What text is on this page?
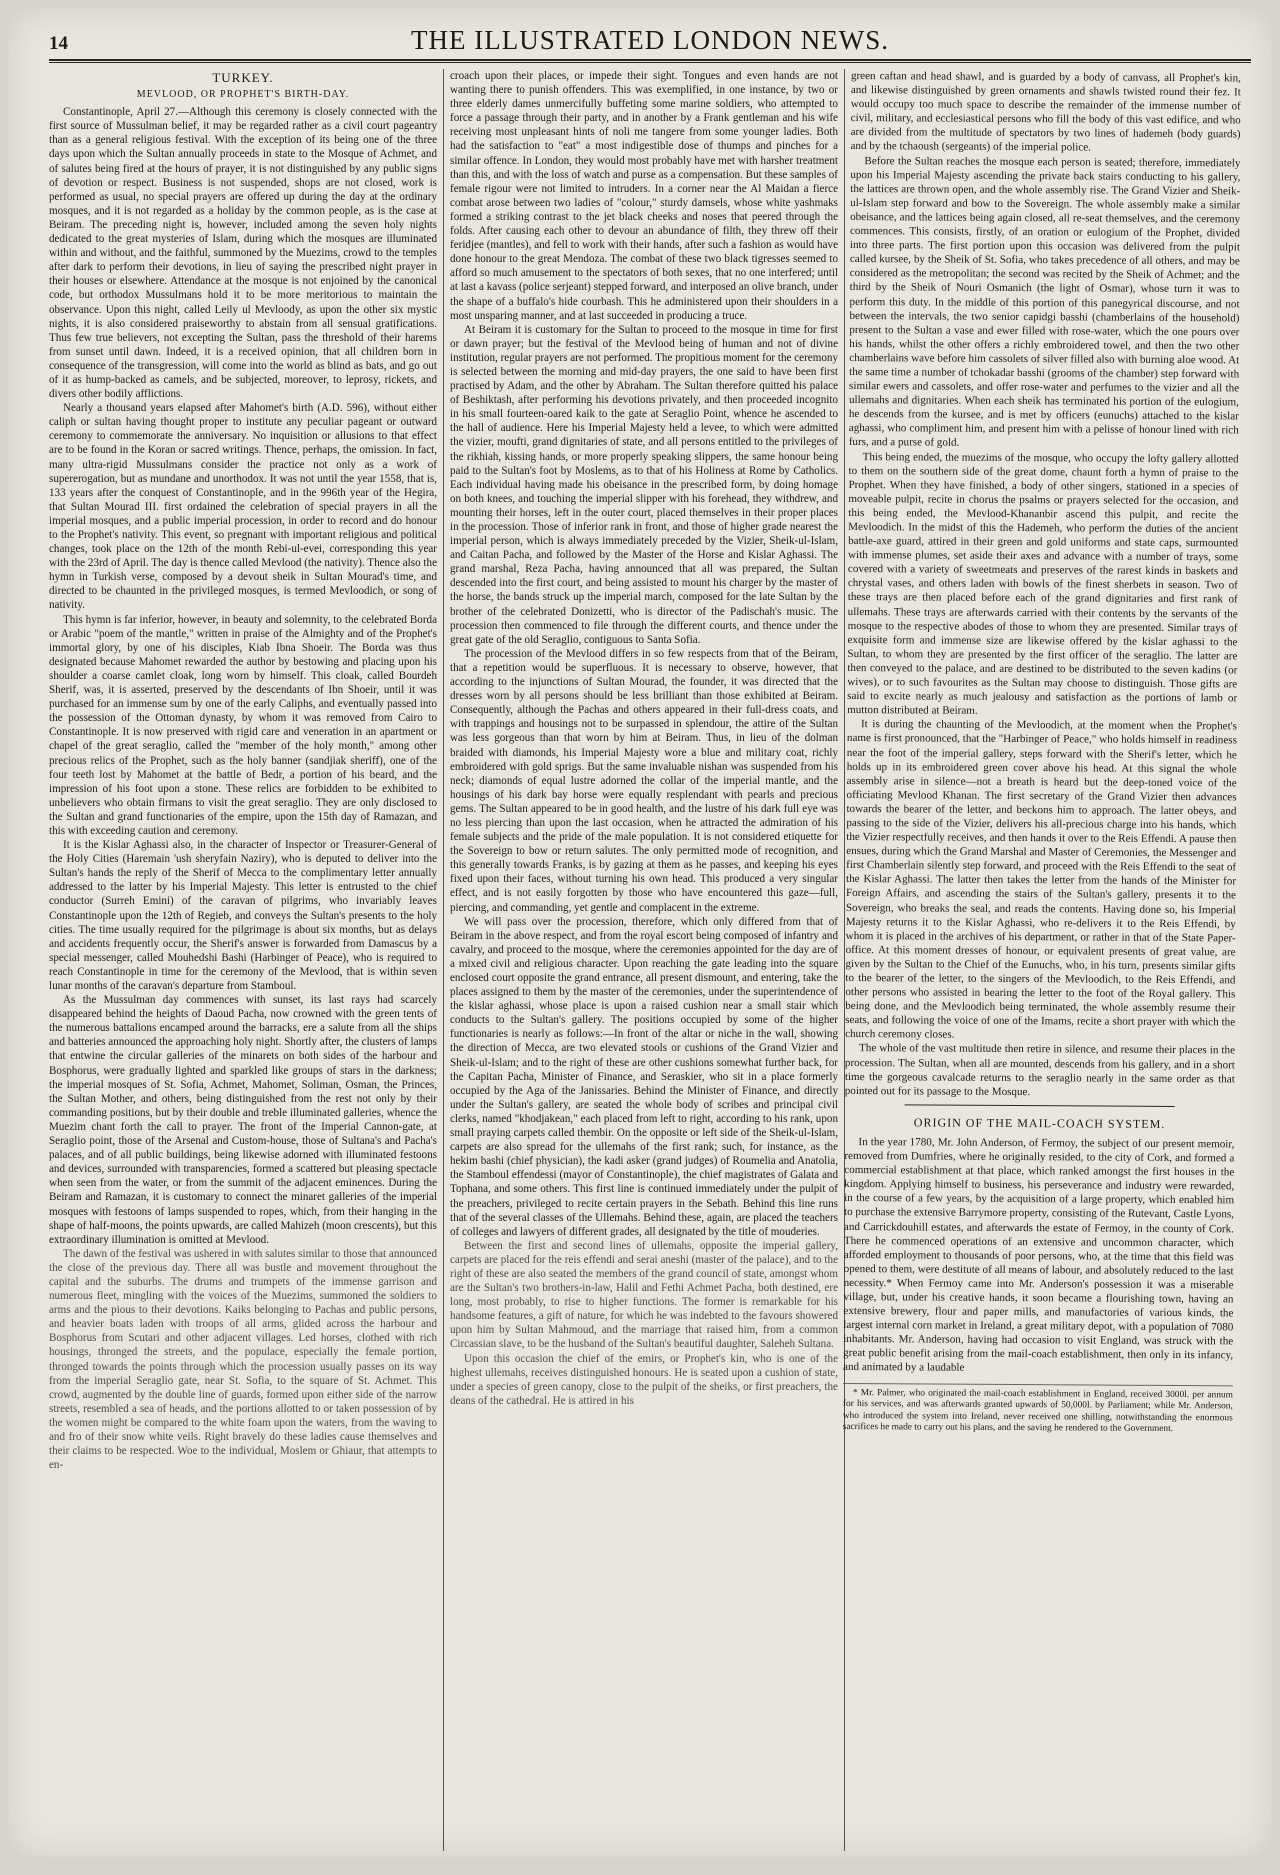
14	THE ILLUSTRATED LONDON NEWS.
TURKEY.
MEVLOOD, OR PROPHET'S BIRTH-DAY.

Constantinople, April 27.—Although this ceremony is closely connected with the first source of Mussulman belief, it may be regarded rather as a civil court pageantry than as a general religious festival. With the exception of its being one of the three days upon which the Sultan annually proceeds in state to the Mosque of Achmet, and of salutes being fired at the hours of prayer, it is not distinguished by any public signs of devotion or respect. Business is not suspended, shops are not closed, work is performed as usual, no special prayers are offered up during the day at the ordinary mosques, and it is not regarded as a holiday by the common people, as is the case at Beiram. The preceding night is, however, included among the seven holy nights dedicated to the great mysteries of Islam, during which the mosques are illuminated within and without, and the faithful, summoned by the Muezims, crowd to the temples after dark to perform their devotions, in lieu of saying the prescribed night prayer in their houses or elsewhere. Attendance at the mosque is not enjoined by the canonical code, but orthodox Mussulmans hold it to be more meritorious to maintain the observance. Upon this night, called Leily ul Mevloody, as upon the other six mystic nights, it is also considered praiseworthy to abstain from all sensual gratifications. Thus few true believers, not excepting the Sultan, pass the threshold of their harems from sunset until dawn. Indeed, it is a received opinion, that all children born in consequence of the transgression, will come into the world as blind as bats, and go out of it as hump-backed as camels, and be subjected, moreover, to leprosy, rickets, and divers other bodily afflictions.

Nearly a thousand years elapsed after Mahomet's birth (A.D. 596), without either caliph or sultan having thought proper to institute any peculiar pageant or outward ceremony to commemorate the anniversary. No inquisition or allusions to that effect are to be found in the Koran or sacred writings. Thence, perhaps, the omission. In fact, many ultra-rigid Mussulmans consider the practice not only as a work of supererogation, but as mundane and unorthodox. It was not until the year 1558, that is, 133 years after the conquest of Constantinople, and in the 996th year of the Hegira, that Sultan Mourad III. first ordained the celebration of special prayers in all the imperial mosques, and a public imperial procession, in order to record and do honour to the Prophet's nativity. This event, so pregnant with important religious and political changes, took place on the 12th of the month Rebi-ul-evei, corresponding this year with the 23rd of April. The day is thence called Mevlood (the nativity). Thence also the hymn in Turkish verse, composed by a devout sheik in Sultan Mourad's time, and directed to be chaunted in the privileged mosques, is termed Mevloodich, or song of nativity.

This hymn is far inferior, however, in beauty and solemnity, to the celebrated Borda or Arabic "poem of the mantle," written in praise of the Almighty and of the Prophet's immortal glory, by one of his disciples, Kiab Ibna Shoeir. The Borda was thus designated because Mahomet rewarded the author by bestowing and placing upon his shoulder a coarse camlet cloak, long worn by himself. This cloak, called Bourdeh Sherif, was, it is asserted, preserved by the descendants of Ibn Shoeir, until it was purchased for an immense sum by one of the early Caliphs, and eventually passed into the possession of the Ottoman dynasty, by whom it was removed from Cairo to Constantinople. It is now preserved with rigid care and veneration in an apartment or chapel of the great seraglio, called the "member of the holy month," among other precious relics of the Prophet, such as the holy banner (sandjiak sheriff), one of the four teeth lost by Mahomet at the battle of Bedr, a portion of his beard, and the impression of his foot upon a stone. These relics are forbidden to be exhibited to unbelievers who obtain firmans to visit the great seraglio. They are only disclosed to the Sultan and grand functionaries of the empire, upon the 15th day of Ramazan, and this with exceeding caution and ceremony.

It is the Kislar Aghassi also, in the character of Inspector or Treasurer-General of the Holy Cities (Haremain 'ush sheryfain Naziry), who is deputed to deliver into the Sultan's hands the reply of the Sherif of Mecca to the complimentary letter annually addressed to the latter by his Imperial Majesty. This letter is entrusted to the chief conductor (Surreh Emini) of the caravan of pilgrims, who invariably leaves Constantinople upon the 12th of Regieb, and conveys the Sultan's presents to the holy cities. The time usually required for the pilgrimage is about six months, but as delays and accidents frequently occur, the Sherif's answer is forwarded from Damascus by a special messenger, called Mouhedshi Bashi (Harbinger of Peace), who is required to reach Constantinople in time for the ceremony of the Mevlood, that is within seven lunar months of the caravan's departure from Stamboul.

As the Mussulman day commences with sunset, its last rays had scarcely disappeared behind the heights of Daoud Pacha, now crowned with the green tents of the numerous battalions encamped around the barracks, ere a salute from all the ships and batteries announced the approaching holy night. Shortly after, the clusters of lamps that entwine the circular galleries of the minarets on both sides of the harbour and Bosphorus, were gradually lighted and sparkled like groups of stars in the darkness; the imperial mosques of St. Sofia, Achmet, Mahomet, Soliman, Osman, the Princes, the Sultan Mother, and others, being distinguished from the rest not only by their commanding positions, but by their double and treble illuminated galleries, whence the Muezim chant forth the call to prayer. The front of the Imperial Cannon-gate, at Seraglio point, those of the Arsenal and Custom-house, those of Sultana's and Pacha's palaces, and of all public buildings, being likewise adorned with illuminated festoons and devices, surrounded with transparencies, formed a scattered but pleasing spectacle when seen from the water, or from the summit of the adjacent eminences. During the Beiram and Ramazan, it is customary to connect the minaret galleries of the imperial mosques with festoons of lamps suspended to ropes, which, from their hanging in the shape of half-moons, the points upwards, are called Mahizeh (moon crescents), but this extraordinary illumination is omitted at Mevlood.

The dawn of the festival was ushered in with salutes similar to those that announced the close of the previous day. There all was bustle and movement throughout the capital and the suburbs. The drums and trumpets of the immense garrison and numerous fleet, mingling with the voices of the Muezims, summoned the soldiers to arms and the pious to their devotions. Kaiks belonging to Pachas and public persons, and heavier boats laden with troops of all arms, glided across the harbour and Bosphorus from Scutari and other adjacent villages. Led horses, clothed with rich housings, thronged the streets, and the populace, especially the female portion, thronged towards the points through which the procession usually passes on its way from the imperial Seraglio gate, near St. Sofia, to the square of St. Achmet. This crowd, augmented by the double line of guards, formed upon either side of the narrow streets, resembled a sea of heads, and the portions allotted to or taken possession of by the women might be compared to the white foam upon the waters, from the waving to and fro of their snow white veils. Right bravely do these ladies cause themselves and their claims to be respected. Woe to the individual, Moslem or Ghiaur, that attempts to en-

croach upon their places, or impede their sight. Tongues and even hands are not wanting there to punish offenders. This was exemplified, in one instance, by two or three elderly dames unmercifully buffeting some marine soldiers, who attempted to force a passage through their party, and in another by a Frank gentleman and his wife receiving most unpleasant hints of noli me tangere from some younger ladies. Both had the satisfaction to "eat" a most indigestible dose of thumps and pinches for a similar offence. In London, they would most probably have met with harsher treatment than this, and with the loss of watch and purse as a compensation. But these samples of female rigour were not limited to intruders. In a corner near the Al Maidan a fierce combat arose between two ladies of "colour," sturdy damsels, whose white yashmaks formed a striking contrast to the jet black cheeks and noses that peered through the folds. After causing each other to devour an abundance of filth, they threw off their feridjee (mantles), and fell to work with their hands, after such a fashion as would have done honour to the great Mendoza. The combat of these two black tigresses seemed to afford so much amusement to the spectators of both sexes, that no one interfered; until at last a kavass (police serjeant) stepped forward, and interposed an olive branch, under the shape of a buffalo's hide courbash. This he administered upon their shoulders in a most unsparing manner, and at last succeeded in producing a truce.

At Beiram it is customary for the Sultan to proceed to the mosque in time for first or dawn prayer; but the festival of the Mevlood being of human and not of divine institution, regular prayers are not performed. The propitious moment for the ceremony is selected between the morning and mid-day prayers, the one said to have been first practised by Adam, and the other by Abraham. The Sultan therefore quitted his palace of Beshiktash, after performing his devotions privately, and then proceeded incognito in his small fourteen-oared kaik to the gate at Seraglio Point, whence he ascended to the hall of audience. Here his Imperial Majesty held a levee, to which were admitted the vizier, moufti, grand dignitaries of state, and all persons entitled to the privileges of the rikhiah, kissing hands, or more properly speaking slippers, the same honour being paid to the Sultan's foot by Moslems, as to that of his Holiness at Rome by Catholics. Each individual having made his obeisance in the prescribed form, by doing homage on both knees, and touching the imperial slipper with his forehead, they withdrew, and mounting their horses, left in the outer court, placed themselves in their proper places in the procession. Those of inferior rank in front, and those of higher grade nearest the imperial person, which is always immediately preceded by the Vizier, Sheik-ul-Islam, and Caitan Pacha, and followed by the Master of the Horse and Kislar Aghassi. The grand marshal, Reza Pacha, having announced that all was prepared, the Sultan descended into the first court, and being assisted to mount his charger by the master of the horse, the bands struck up the imperial march, composed for the late Sultan by the brother of the celebrated Donizetti, who is director of the Padischah's music. The procession then commenced to file through the different courts, and thence under the great gate of the old Seraglio, contiguous to Santa Sofia.

The procession of the Mevlood differs in so few respects from that of the Beiram, that a repetition would be superfluous. It is necessary to observe, however, that according to the injunctions of Sultan Mourad, the founder, it was directed that the dresses worn by all persons should be less brilliant than those exhibited at Beiram. Consequently, although the Pachas and others appeared in their full-dress coats, and with trappings and housings not to be surpassed in splendour, the attire of the Sultan was less gorgeous than that worn by him at Beiram. Thus, in lieu of the dolman braided with diamonds, his Imperial Majesty wore a blue and military coat, richly embroidered with gold sprigs. But the same invaluable nishan was suspended from his neck; diamonds of equal lustre adorned the collar of the imperial mantle, and the housings of his dark bay horse were equally resplendant with pearls and precious gems. The Sultan appeared to be in good health, and the lustre of his dark full eye was no less piercing than upon the last occasion, when he attracted the admiration of his female subjects and the pride of the male population. It is not considered etiquette for the Sovereign to bow or return salutes. The only permitted mode of recognition, and this generally towards Franks, is by gazing at them as he passes, and keeping his eyes fixed upon their faces, without turning his own head. This produced a very singular effect, and is not easily forgotten by those who have encountered this gaze—full, piercing, and commanding, yet gentle and complacent in the extreme.

We will pass over the procession, therefore, which only differed from that of Beiram in the above respect, and from the royal escort being composed of infantry and cavalry, and proceed to the mosque, where the ceremonies appointed for the day are of a mixed civil and religious character. Upon reaching the gate leading into the square enclosed court opposite the grand entrance, all present dismount, and entering, take the places assigned to them by the master of the ceremonies, under the superintendence of the kislar aghassi, whose place is upon a raised cushion near a small stair which conducts to the Sultan's gallery. The positions occupied by some of the higher functionaries is nearly as follows:—In front of the altar or niche in the wall, showing the direction of Mecca, are two elevated stools or cushions of the Grand Vizier and Sheik-ul-Islam; and to the right of these are other cushions somewhat further back, for the Capitan Pacha, Minister of Finance, and Seraskier, who sit in a place formerly occupied by the Aga of the Janissaries. Behind the Minister of Finance, and directly under the Sultan's gallery, are seated the whole body of scribes and principal civil clerks, named "khodjakean," each placed from left to right, according to his rank, upon small praying carpets called thembir. On the opposite or left side of the Sheik-ul-Islam, carpets are also spread for the ullemahs of the first rank; such, for instance, as the hekim bashi (chief physician), the kadi asker (grand judges) of Roumelia and Anatolia, the Stamboul effendessi (mayor of Constantinople), the chief magistrates of Galata and Tophana, and some others. This first line is continued immediately under the pulpit of the preachers, privileged to recite certain prayers in the Sebath. Behind this line runs that of the several classes of the Ullemahs. Behind these, again, are placed the teachers of colleges and lawyers of different grades, all designated by the title of mouderies.

Between the first and second lines of ullemahs, opposite the imperial gallery, carpets are placed for the reis effendi and serai aneshi (master of the palace), and to the right of these are also seated the members of the grand council of state, amongst whom are the Sultan's two brothers-in-law, Halil and Fethi Achmet Pacha, both destined, ere long, most probably, to rise to higher functions. The former is remarkable for his handsome features, a gift of nature, for which he was indebted to the favours showered upon him by Sultan Mahmoud, and the marriage that raised him, from a common Circassian slave, to be the husband of the Sultan's beautiful daughter, Saleheh Sultana.

Upon this occasion the chief of the emirs, or Prophet's kin, who is one of the highest ullemahs, receives distinguished honours. He is seated upon a cushion of state, under a species of green canopy, close to the pulpit of the sheiks, or first preachers, the deans of the cathedral. He is attired in his

green caftan and head shawl, and is guarded by a body of canvass, all Prophet's kin, and likewise distinguished by green ornaments and shawls twisted round their fez. It would occupy too much space to describe the remainder of the immense number of civil, military, and ecclesiastical persons who fill the body of this vast edifice, and who are divided from the multitude of spectators by two lines of hademeh (body guards) and by the tchaoush (sergeants) of the imperial police.

Before the Sultan reaches the mosque each person is seated; therefore, immediately upon his Imperial Majesty ascending the private back stairs conducting to his gallery, the lattices are thrown open, and the whole assembly rise. The Grand Vizier and Sheik-ul-Islam step forward and bow to the Sovereign. The whole assembly make a similar obeisance, and the lattices being again closed, all re-seat themselves, and the ceremony commences. This consists, firstly, of an oration or eulogium of the Prophet, divided into three parts. The first portion upon this occasion was delivered from the pulpit called kursee, by the Sheik of St. Sofia, who takes precedence of all others, and may be considered as the metropolitan; the second was recited by the Sheik of Achmet; and the third by the Sheik of Nouri Osmanich (the light of Osmar), whose turn it was to perform this duty. In the middle of this portion of this panegyrical discourse, and not between the intervals, the two senior capidgi basshi (chamberlains of the household) present to the Sultan a vase and ewer filled with rose-water, which the one pours over his hands, whilst the other offers a richly embroidered towel, and then the two other chamberlains wave before him cassolets of silver filled also with burning aloe wood. At the same time a number of tchokadar basshi (grooms of the chamber) step forward with similar ewers and cassolets, and offer rose-water and perfumes to the vizier and all the ullemahs and dignitaries. When each sheik has terminated his portion of the eulogium, he descends from the kursee, and is met by officers (eunuchs) attached to the kislar aghassi, who compliment him, and present him with a pelisse of honour lined with rich furs, and a purse of gold.

This being ended, the muezims of the mosque, who occupy the lofty gallery allotted to them on the southern side of the great dome, chaunt forth a hymn of praise to the Prophet. When they have finished, a body of other singers, stationed in a species of moveable pulpit, recite in chorus the psalms or prayers selected for the occasion, and this being ended, the Mevlood-Khananbir ascend this pulpit, and recite the Mevloodich. In the midst of this the Hademeh, who perform the duties of the ancient battle-axe guard, attired in their green and gold uniforms and state caps, surmounted with immense plumes, set aside their axes and advance with a number of trays, some covered with a variety of sweetmeats and preserves of the rarest kinds in baskets and chrystal vases, and others laden with bowls of the finest sherbets in season. Two of these trays are then placed before each of the grand dignitaries and first rank of ullemahs. These trays are afterwards carried with their contents by the servants of the mosque to the respective abodes of those to whom they are presented. Similar trays of exquisite form and immense size are likewise offered by the kislar aghassi to the Sultan, to whom they are presented by the first officer of the seraglio. The latter are then conveyed to the palace, and are destined to be distributed to the seven kadins (or wives), or to such favourites as the Sultan may choose to distinguish. Those gifts are said to excite nearly as much jealousy and satisfaction as the portions of lamb or mutton distributed at Beiram.

It is during the chaunting of the Mevloodich, at the moment when the Prophet's name is first pronounced, that the "Harbinger of Peace," who holds himself in readiness near the foot of the imperial gallery, steps forward with the Sherif's letter, which he holds up in its embroidered green cover above his head. At this signal the whole assembly arise in silence—not a breath is heard but the deep-toned voice of the officiating Mevlood Khanan. The first secretary of the Grand Vizier then advances towards the bearer of the letter, and beckons him to approach. The latter obeys, and passing to the side of the Vizier, delivers his all-precious charge into his hands, which the Vizier respectfully receives, and then hands it over to the Reis Effendi. A pause then ensues, during which the Grand Marshal and Master of Ceremonies, the Messenger and first Chamberlain silently step forward, and proceed with the Reis Effendi to the seat of the Kislar Aghassi. The latter then takes the letter from the hands of the Minister for Foreign Affairs, and ascending the stairs of the Sultan's gallery, presents it to the Sovereign, who breaks the seal, and reads the contents. Having done so, his Imperial Majesty returns it to the Kislar Aghassi, who re-delivers it to the Reis Effendi, by whom it is placed in the archives of his department, or rather in that of the State Paper-office. At this moment dresses of honour, or equivalent presents of great value, are given by the Sultan to the Chief of the Eunuchs, who, in his turn, presents similar gifts to the bearer of the letter, to the singers of the Mevloodich, to the Reis Effendi, and other persons who assisted in bearing the letter to the foot of the Royal gallery. This being done, and the Mevloodich being terminated, the whole assembly resume their seats, and following the voice of one of the Imams, recite a short prayer with which the church ceremony closes.

The whole of the vast multitude then retire in silence, and resume their places in the procession. The Sultan, when all are mounted, descends from his gallery, and in a short time the gorgeous cavalcade returns to the seraglio nearly in the same order as that pointed out for its passage to the Mosque.

ORIGIN OF THE MAIL-COACH SYSTEM.

In the year 1780, Mr. John Anderson, of Fermoy, the subject of our present memoir, removed from Dumfries, where he originally resided, to the city of Cork, and formed a commercial establishment at that place, which ranked amongst the first houses in the kingdom. Applying himself to business, his perseverance and industry were rewarded, in the course of a few years, by the acquisition of a large property, which enabled him to purchase the extensive Barrymore property, consisting of the Rutevant, Castle Lyons, and Carrickdouhill estates, and afterwards the estate of Fermoy, in the county of Cork. There he commenced operations of an extensive and uncommon character, which afforded employment to thousands of poor persons, who, at the time that this field was opened to them, were destitute of all means of labour, and absolutely reduced to the last necessity.* When Fermoy came into Mr. Anderson's possession it was a miserable village, but, under his creative hands, it soon became a flourishing town, having an extensive brewery, flour and paper mills, and manufactories of various kinds, the largest internal corn market in Ireland, a great military depot, with a population of 7080 inhabitants. Mr. Anderson, having had occasion to visit England, was struck with the great public benefit arising from the mail-coach establishment, then only in its infancy, and animated by a laudable

* Mr. Palmer, who originated the mail-coach establishment in England, received 3000l. per annum for his services, and was afterwards granted upwards of 50,000l. by Parliament; while Mr. Anderson, who introduced the system into Ireland, never received one shilling, notwithstanding the enormous sacrifices he made to carry out his plans, and the saving he rendered to the Government.
